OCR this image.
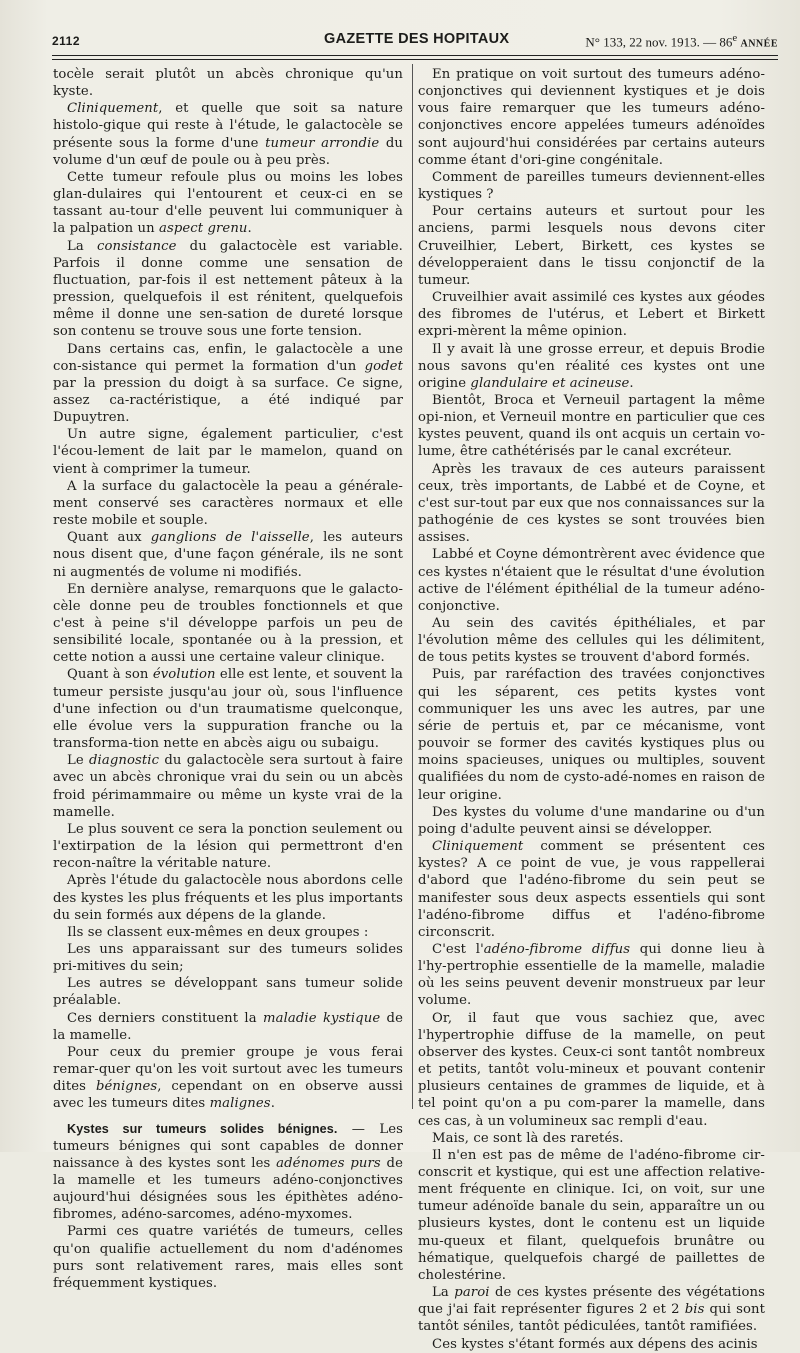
2112	GAZETTE DES HOPITAUX	N° 133, 22 nov. 1913. — 86e ANNÉE

tocèle serait plutôt un abcès chronique qu'un kyste.

Cliniquement, et quelle que soit sa nature histolo-gique qui reste à l'étude, le galactocèle se présente sous la forme d'une tumeur arrondie du volume d'un œuf de poule ou à peu près.

Cette tumeur refoule plus ou moins les lobes glan-dulaires qui l'entourent et ceux-ci en se tassant au-tour d'elle peuvent lui communiquer à la palpation un aspect grenu.

La consistance du galactocèle est variable. Parfois il donne comme une sensation de fluctuation, par-fois il est nettement pâteux à la pression, quelquefois il est rénitent, quelquefois même il donne une sen-sation de dureté lorsque son contenu se trouve sous une forte tension.

Dans certains cas, enfin, le galactocèle a une con-sistance qui permet la formation d'un godet par la pression du doigt à sa surface. Ce signe, assez ca-ractéristique, a été indiqué par Dupuytren.

Un autre signe, également particulier, c'est l'écou-lement de lait par le mamelon, quand on vient à comprimer la tumeur.

A la surface du galactocèle la peau a générale-ment conservé ses caractères normaux et elle reste mobile et souple.

Quant aux ganglions de l'aisselle, les auteurs nous disent que, d'une façon générale, ils ne sont ni augmentés de volume ni modifiés.

En dernière analyse, remarquons que le galacto-cèle donne peu de troubles fonctionnels et que c'est à peine s'il développe parfois un peu de sensibilité locale, spontanée ou à la pression, et cette notion a aussi une certaine valeur clinique.

Quant à son évolution elle est lente, et souvent la tumeur persiste jusqu'au jour où, sous l'influence d'une infection ou d'un traumatisme quelconque, elle évolue vers la suppuration franche ou la transforma-tion nette en abcès aigu ou subaigu.

Le diagnostic du galactocèle sera surtout à faire avec un abcès chronique vrai du sein ou un abcès froid périmammaire ou même un kyste vrai de la mamelle.

Le plus souvent ce sera la ponction seulement ou l'extirpation de la lésion qui permettront d'en recon-naître la véritable nature.

Après l'étude du galactocèle nous abordons celle des kystes les plus fréquents et les plus importants du sein formés aux dépens de la glande.

Ils se classent eux-mêmes en deux groupes :

Les uns apparaissant sur des tumeurs solides pri-mitives du sein;

Les autres se développant sans tumeur solide préalable.

Ces derniers constituent la maladie kystique de la mamelle.

Pour ceux du premier groupe je vous ferai remar-quer qu'on les voit surtout avec les tumeurs dites bénignes, cependant on en observe aussi avec les tumeurs dites malignes.

Kystes sur tumeurs solides bénignes. — Les tumeurs bénignes qui sont capables de donner naissance à des kystes sont les adénomes purs de la mamelle et les tumeurs adéno-conjonctives aujourd'hui désignées sous les épithètes adéno-fibromes, adéno-sarcomes, adéno-myxomes.

Parmi ces quatre variétés de tumeurs, celles qu'on qualifie actuellement du nom d'adénomes purs sont relativement rares, mais elles sont fréquemment kystiques.

En pratique on voit surtout des tumeurs adéno-conjonctives qui deviennent kystiques et je dois vous faire remarquer que les tumeurs adéno-conjonctives encore appelées tumeurs adénoïdes sont aujourd'hui considérées par certains auteurs comme étant d'ori-gine congénitale.

Comment de pareilles tumeurs deviennent-elles kystiques ?

Pour certains auteurs et surtout pour les anciens, parmi lesquels nous devons citer Cruveilhier, Lebert, Birkett, ces kystes se développeraient dans le tissu conjonctif de la tumeur.

Cruveilhier avait assimilé ces kystes aux géodes des fibromes de l'utérus, et Lebert et Birkett expri-mèrent la même opinion.

Il y avait là une grosse erreur, et depuis Brodie nous savons qu'en réalité ces kystes ont une origine glandulaire et acineuse.

Bientôt, Broca et Verneuil partagent la même opi-nion, et Verneuil montre en particulier que ces kystes peuvent, quand ils ont acquis un certain vo-lume, être cathétérisés par le canal excréteur.

Après les travaux de ces auteurs paraissent ceux, très importants, de Labbé et de Coyne, et c'est sur-tout par eux que nos connaissances sur la pathogénie de ces kystes se sont trouvées bien assises.

Labbé et Coyne démontrèrent avec évidence que ces kystes n'étaient que le résultat d'une évolution active de l'élément épithélial de la tumeur adéno-conjonctive.

Au sein des cavités épithéliales, et par l'évolution même des cellules qui les délimitent, de tous petits kystes se trouvent d'abord formés.

Puis, par raréfaction des travées conjonctives qui les séparent, ces petits kystes vont communiquer les uns avec les autres, par une série de pertuis et, par ce mécanisme, vont pouvoir se former des cavités kystiques plus ou moins spacieuses, uniques ou multiples, souvent qualifiées du nom de cysto-adé-nomes en raison de leur origine.

Des kystes du volume d'une mandarine ou d'un poing d'adulte peuvent ainsi se développer.

Cliniquement comment se présentent ces kystes? A ce point de vue, je vous rappellerai d'abord que l'adéno-fibrome du sein peut se manifester sous deux aspects essentiels qui sont l'adéno-fibrome diffus et l'adéno-fibrome circonscrit.

C'est l'adéno-fibrome diffus qui donne lieu à l'hy-pertrophie essentielle de la mamelle, maladie où les seins peuvent devenir monstrueux par leur volume.

Or, il faut que vous sachiez que, avec l'hypertrophie diffuse de la mamelle, on peut observer des kystes. Ceux-ci sont tantôt nombreux et petits, tantôt volu-mineux et pouvant contenir plusieurs centaines de grammes de liquide, et à tel point qu'on a pu com-parer la mamelle, dans ces cas, à un volumineux sac rempli d'eau.

Mais, ce sont là des raretés.

Il n'en est pas de même de l'adéno-fibrome cir-conscrit et kystique, qui est une affection relative-ment fréquente en clinique. Ici, on voit, sur une tumeur adénoïde banale du sein, apparaître un ou plusieurs kystes, dont le contenu est un liquide mu-queux et filant, quelquefois brunâtre ou hématique, quelquefois chargé de paillettes de cholestérine.

La paroi de ces kystes présente des végétations que j'ai fait représenter figures 2 et 2 bis qui sont tantôt séniles, tantôt pédiculées, tantôt ramifiées.

Ces kystes s'étant formés aux dépens des acinis
